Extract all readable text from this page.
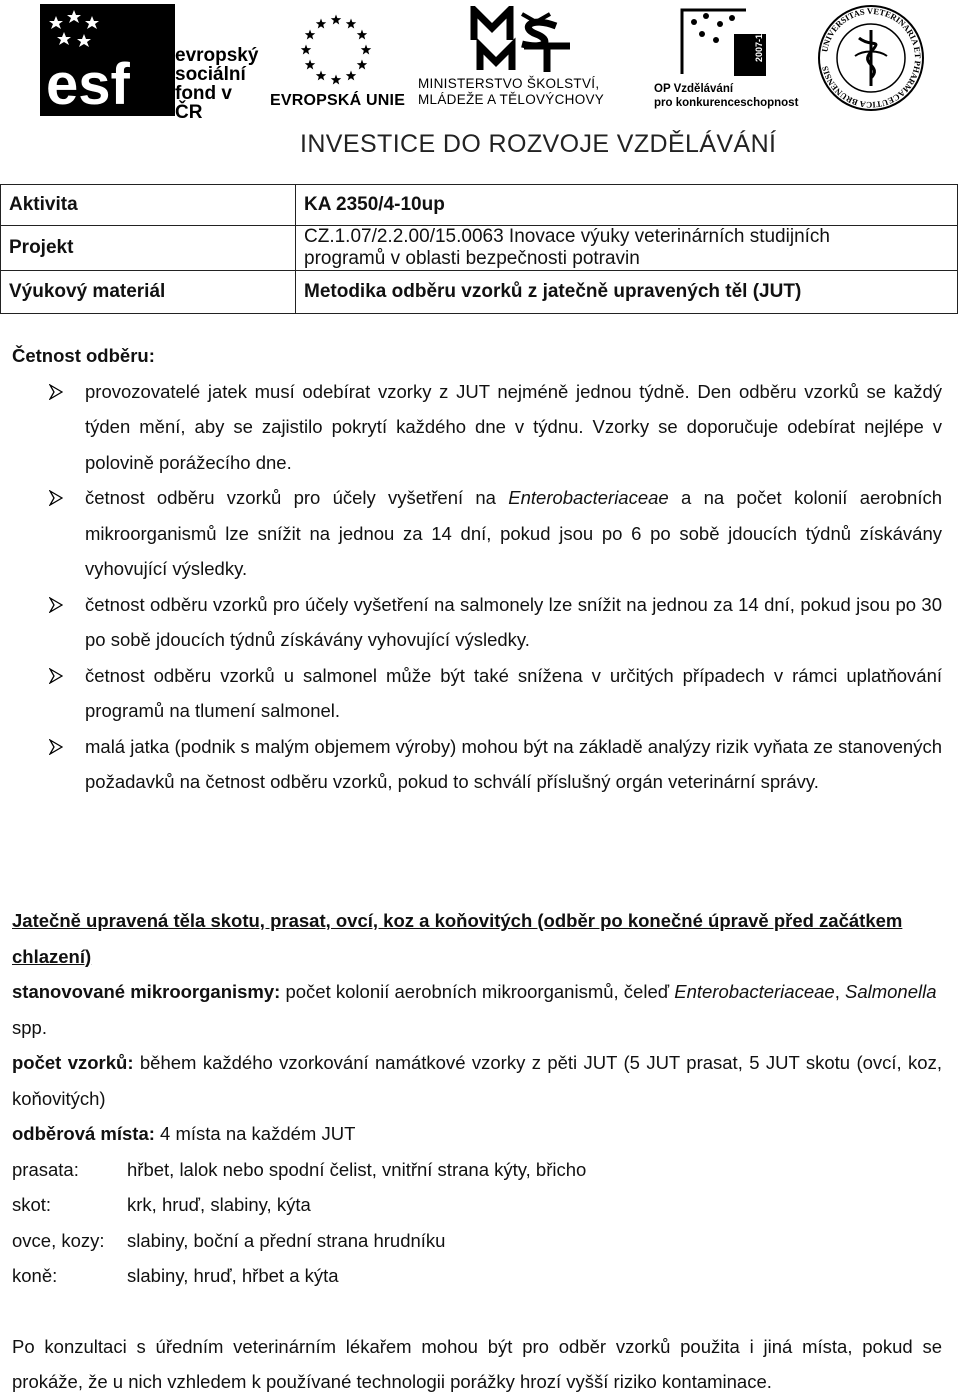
esf evropský
sociální
fond v ČR
EVROPSKÁ UNIE
MINISTERSTVO ŠKOLSTVÍ,
MLÁDEŽE A TĚLOVÝCHOVY
2007-13
OP Vzdělávání
pro konkurenceschopnost
UNIVERSITAS VETERINARIA ET PHARMACEUTICA BRUNENSIS
INVESTICE DO ROZVOJE VZDĚLÁVÁNÍ
Aktivita	KA 2350/4-10up
Projekt	CZ.1.07/2.2.00/15.0063 Inovace výuky veterinárních studijních
programů v oblasti bezpečnosti potravin

Výukový materiál	Metodika odběru vzorků z jatečně upravených těl (JUT)
Četnost odběru:
provozovatelé jatek musí odebírat vzorky z JUT nejméně jednou týdně. Den odběru vzorků se každý týden mění, aby se zajistilo pokrytí každého dne v týdnu. Vzorky se doporučuje odebírat nejlépe v polovině porážecího dne.
četnost odběru vzorků pro účely vyšetření na Enterobacteriaceae a na počet kolonií aerobních mikroorganismů lze snížit na jednou za 14 dní, pokud jsou po 6 po sobě jdoucích týdnů získávány vyhovující výsledky.
četnost odběru vzorků pro účely vyšetření na salmonely lze snížit na jednou za 14 dní, pokud jsou po 30 po sobě jdoucích týdnů získávány vyhovující výsledky.
četnost odběru vzorků u salmonel může být také snížena v určitých případech v rámci uplatňování programů na tlumení salmonel.
malá jatka (podnik s malým objemem výroby) mohou být na základě analýzy rizik vyňata ze stanovených požadavků na četnost odběru vzorků, pokud to schválí příslušný orgán veterinární správy.
Jatečně upravená těla skotu, prasat, ovcí, koz a koňovitých (odběr po konečné úpravě před začátkem chlazení)
stanovované mikroorganismy: počet kolonií aerobních mikroorganismů, čeleď Enterobacteriaceae, Salmonella spp.
počet vzorků: během každého vzorkování namátkové vzorky z pěti JUT (5 JUT prasat, 5 JUT skotu (ovcí, koz, koňovitých)
odběrová místa: 4 místa na každém JUT
prasata:	hřbet, lalok nebo spodní čelist, vnitřní strana kýty, břicho
skot:	krk, hruď, slabiny, kýta
ovce, kozy:	slabiny, boční a přední strana hrudníku
koně:	slabiny, hruď, hřbet a kýta
Po konzultaci s úředním veterinárním lékařem mohou být pro odběr vzorků použita i jiná místa, pokud se prokáže, že u nich vzhledem k používané technologii porážky hrozí vyšší riziko kontaminace.
